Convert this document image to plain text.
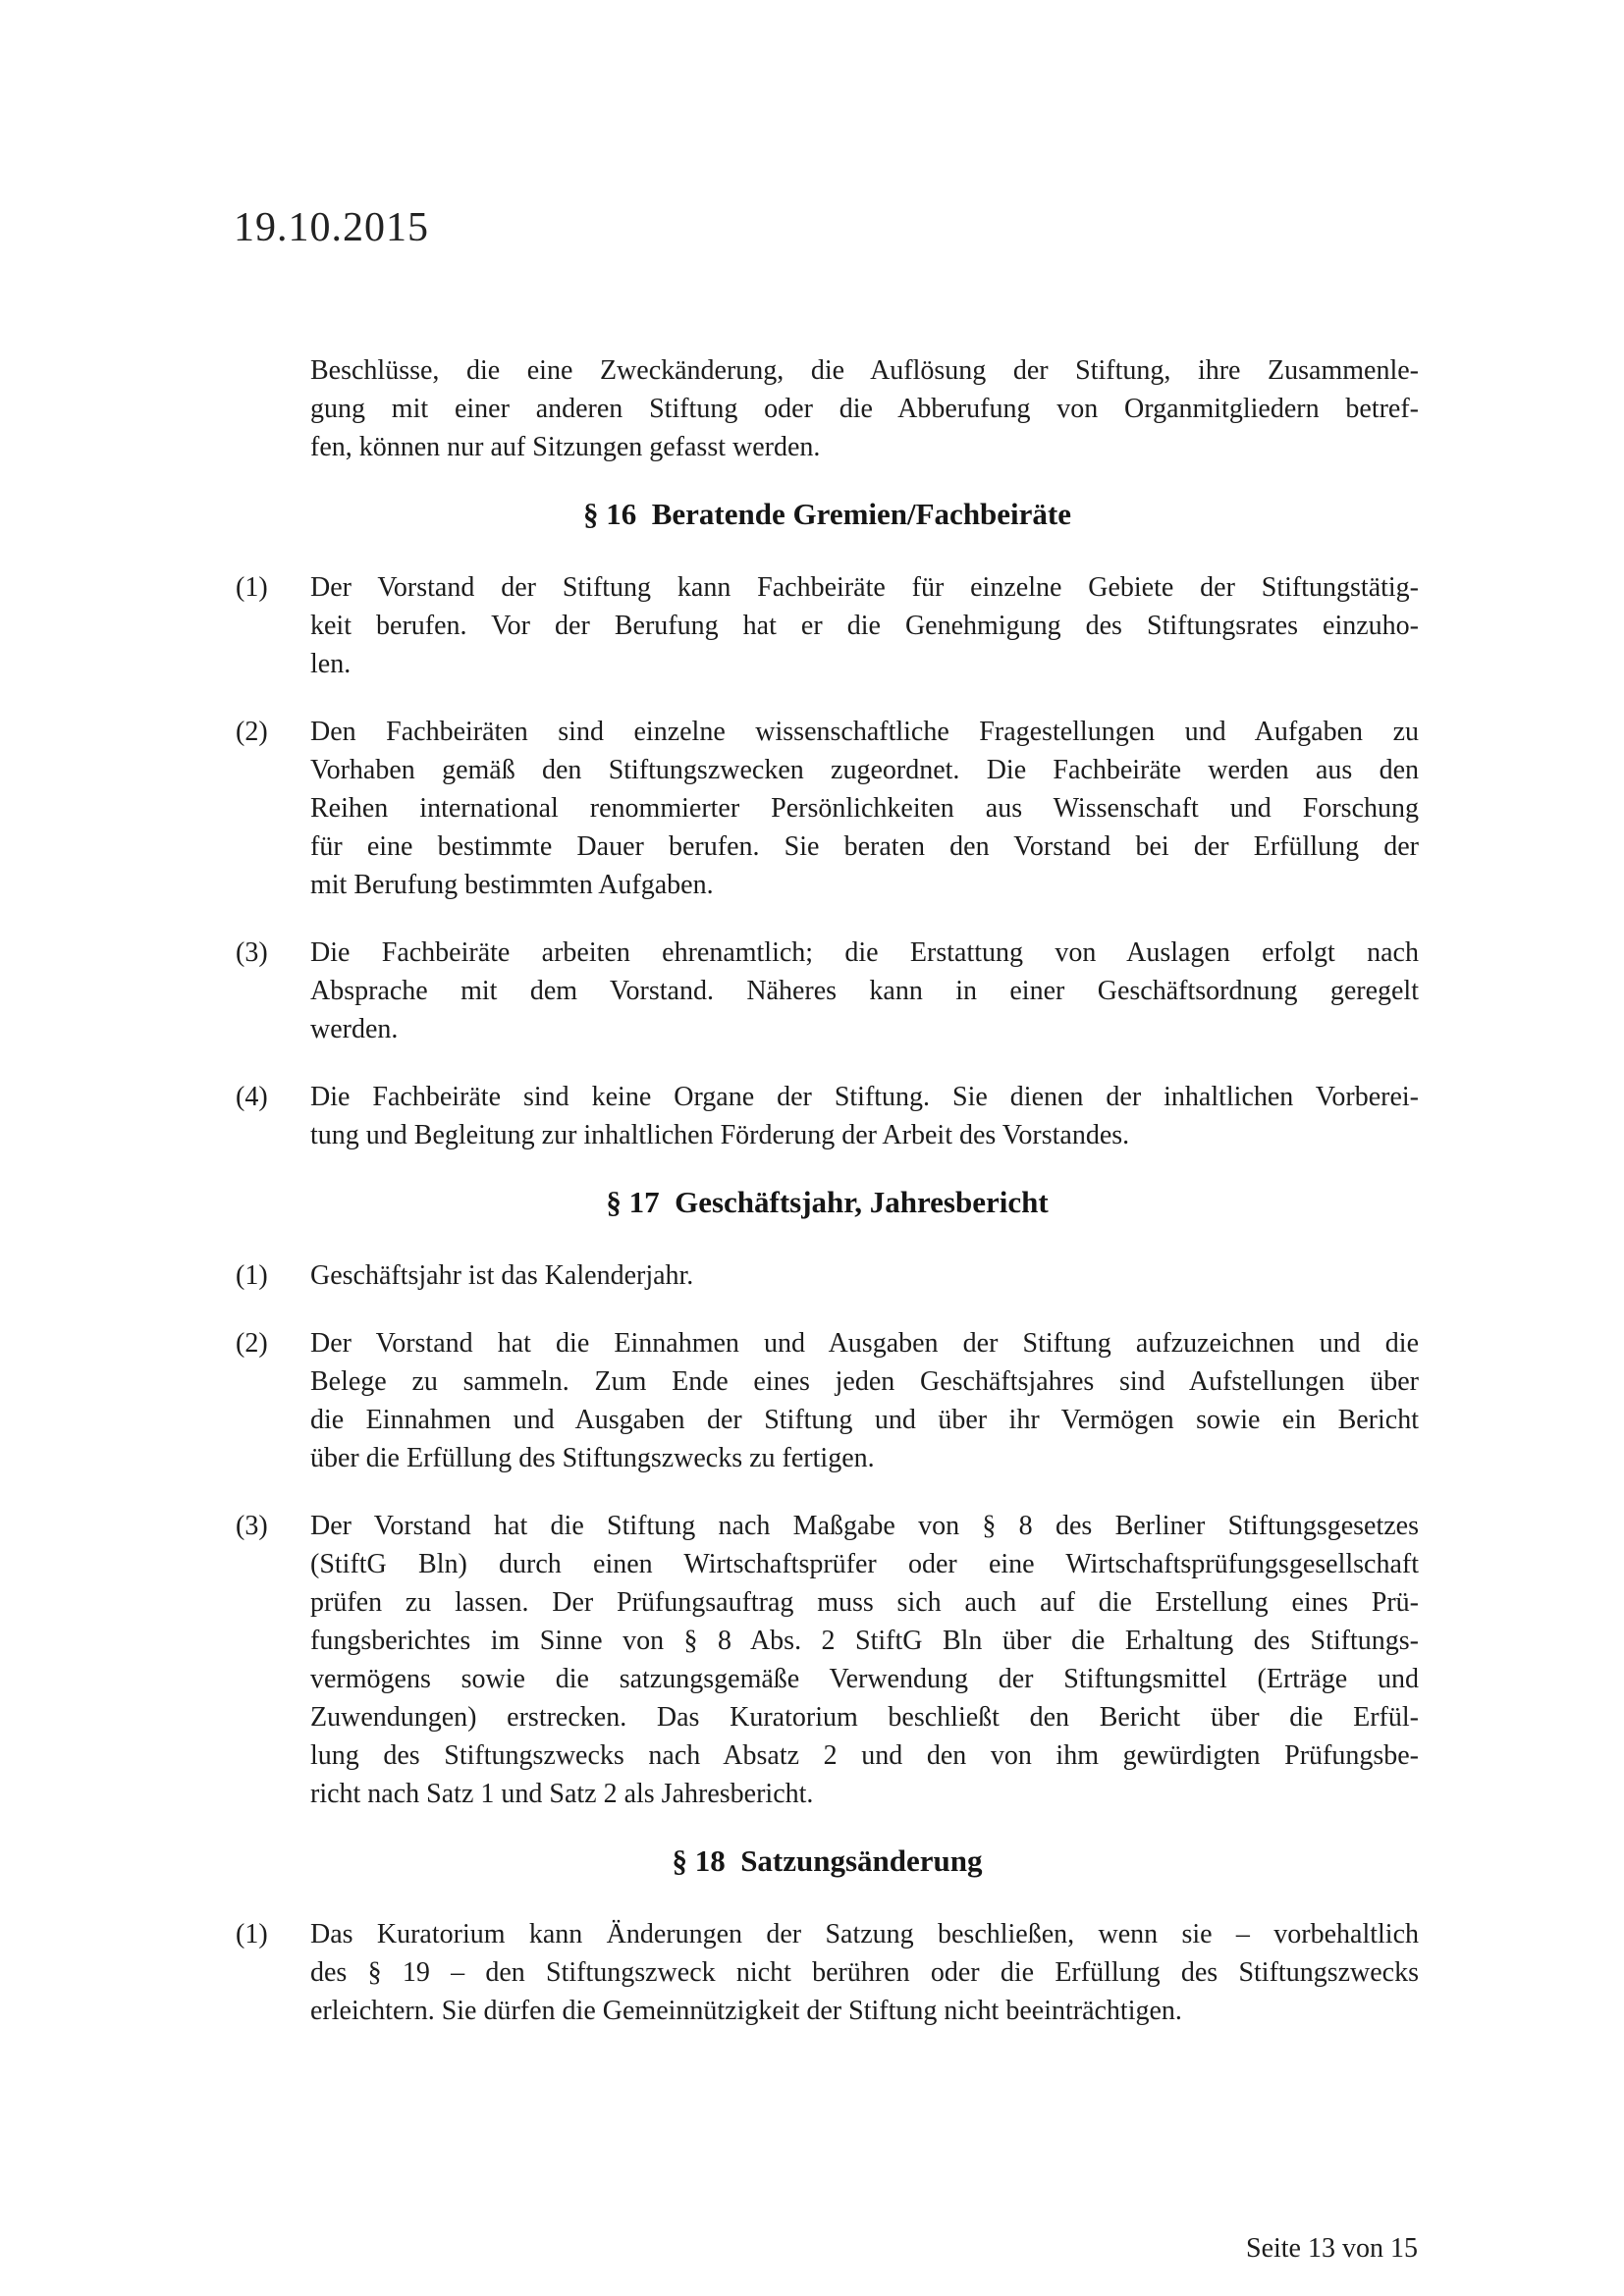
19.10.2015
Beschlüsse, die eine Zweckänderung, die Auflösung der Stiftung, ihre Zusammenle-
gung mit einer anderen Stiftung oder die Abberufung von Organmitgliedern betref-
fen, können nur auf Sitzungen gefasst werden.
§ 16  Beratende Gremien/Fachbeiräte
(1)	Der Vorstand der Stiftung kann Fachbeiräte für einzelne Gebiete der Stiftungstätig-
keit berufen. Vor der Berufung hat er die Genehmigung des Stiftungsrates einzuho-
len.
(2)	Den Fachbeiräten sind einzelne wissenschaftliche Fragestellungen und Aufgaben zu
Vorhaben gemäß den Stiftungszwecken zugeordnet. Die Fachbeiräte werden aus den
Reihen international renommierter Persönlichkeiten aus Wissenschaft und Forschung
für eine bestimmte Dauer berufen. Sie beraten den Vorstand bei der Erfüllung der
mit Berufung bestimmten Aufgaben.
(3)	Die Fachbeiräte arbeiten ehrenamtlich; die Erstattung von Auslagen erfolgt nach
Absprache mit dem Vorstand. Näheres kann in einer Geschäftsordnung geregelt
werden.
(4)	Die Fachbeiräte sind keine Organe der Stiftung. Sie dienen der inhaltlichen Vorberei-
tung und Begleitung zur inhaltlichen Förderung der Arbeit des Vorstandes.
§ 17  Geschäftsjahr, Jahresbericht
(1)	Geschäftsjahr ist das Kalenderjahr.
(2)	Der Vorstand hat die Einnahmen und Ausgaben der Stiftung aufzuzeichnen und die
Belege zu sammeln. Zum Ende eines jeden Geschäftsjahres sind Aufstellungen über
die Einnahmen und Ausgaben der Stiftung und über ihr Vermögen sowie ein Bericht
über die Erfüllung des Stiftungszwecks zu fertigen.
(3)	Der Vorstand hat die Stiftung nach Maßgabe von § 8 des Berliner Stiftungsgesetzes
(StiftG Bln) durch einen Wirtschaftsprüfer oder eine Wirtschaftsprüfungsgesellschaft
prüfen zu lassen. Der Prüfungsauftrag muss sich auch auf die Erstellung eines Prü-
fungsberichtes im Sinne von § 8 Abs. 2 StiftG Bln über die Erhaltung des Stiftungs-
vermögens sowie die satzungsgemäße Verwendung der Stiftungsmittel (Erträge und
Zuwendungen) erstrecken. Das Kuratorium beschließt den Bericht über die Erfül-
lung des Stiftungszwecks nach Absatz 2 und den von ihm gewürdigten Prüfungsbe-
richt nach Satz 1 und Satz 2 als Jahresbericht.
§ 18  Satzungsänderung
(1)	Das Kuratorium kann Änderungen der Satzung beschließen, wenn sie – vorbehaltlich
des § 19 – den Stiftungszweck nicht berühren oder die Erfüllung des Stiftungszwecks
erleichtern. Sie dürfen die Gemeinnützigkeit der Stiftung nicht beeinträchtigen.
Seite 13 von 15
